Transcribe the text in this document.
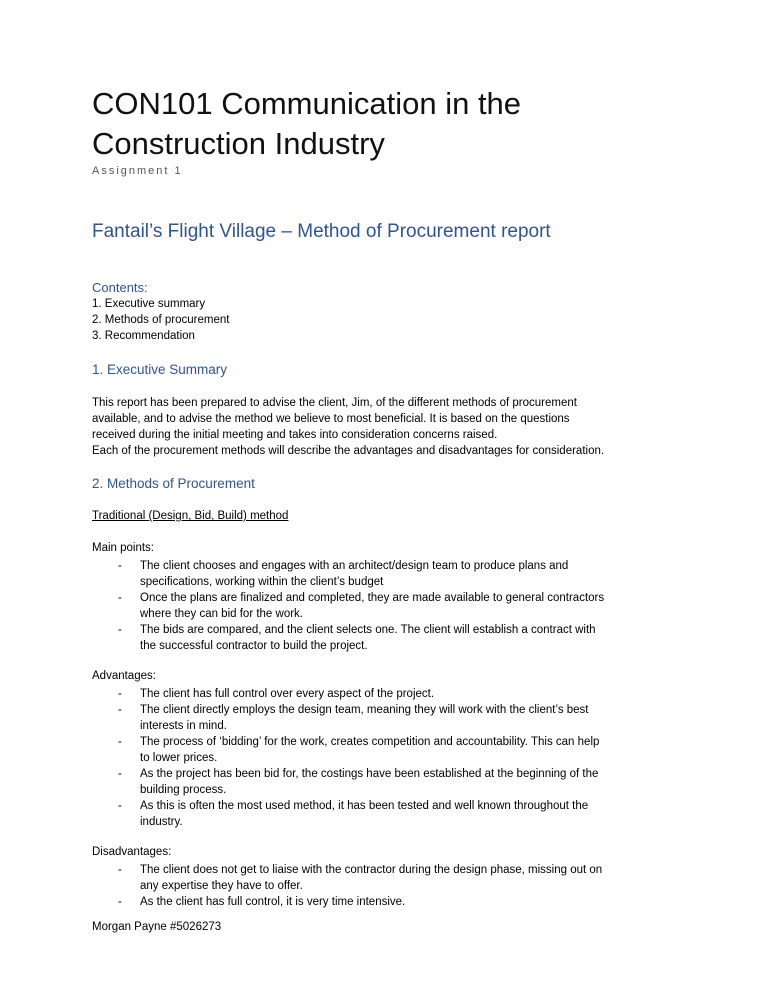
CON101 Communication in the
Construction Industry
Assignment 1
Fantail’s Flight Village – Method of Procurement report
Contents:
1. Executive summary
2. Methods of procurement
3. Recommendation
1. Executive Summary
This report has been prepared to advise the client, Jim, of the different methods of procurement
available, and to advise the method we believe to most beneficial. It is based on the questions
received during the initial meeting and takes into consideration concerns raised.
Each of the procurement methods will describe the advantages and disadvantages for consideration.
2. Methods of Procurement
Traditional (Design, Bid, Build) method
Main points:
- The client chooses and engages with an architect/design team to produce plans and
specifications, working within the client’s budget
- Once the plans are finalized and completed, they are made available to general contractors
where they can bid for the work.
- The bids are compared, and the client selects one. The client will establish a contract with
the successful contractor to build the project.
Advantages:
- The client has full control over every aspect of the project.
- The client directly employs the design team, meaning they will work with the client’s best
interests in mind.
- The process of ‘bidding’ for the work, creates competition and accountability. This can help
to lower prices.
- As the project has been bid for, the costings have been established at the beginning of the
building process.
- As this is often the most used method, it has been tested and well known throughout the
industry.
Disadvantages:
- The client does not get to liaise with the contractor during the design phase, missing out on
any expertise they have to offer.
- As the client has full control, it is very time intensive.
Morgan Payne #5026273
